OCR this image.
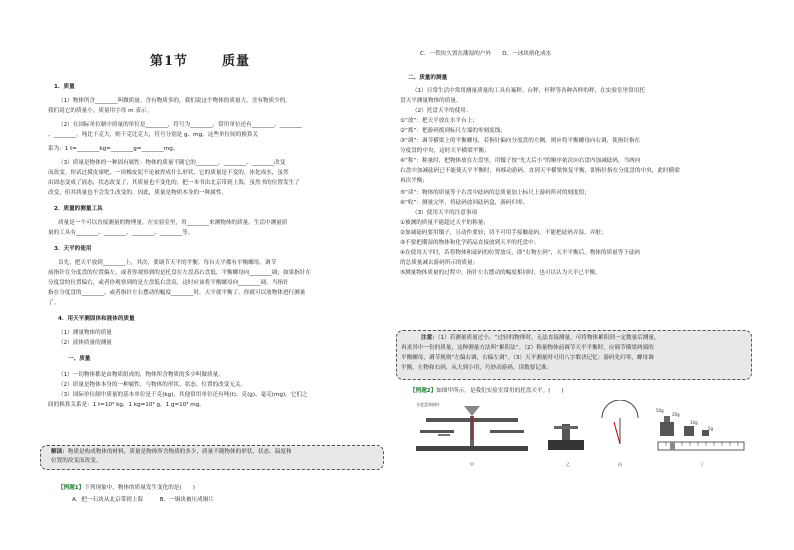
第1节	质量
1．质量
（1）物体所含________叫做质量。含有物质多的，我们说这个物体的质量大，含有物质少的，
我们说它的质量小。质量用字母 m 表示。
（2）在国际单位制中质量的单位是________，符号为________，常用单位还有________、________
、________。吨比千克大，则千克比克大，符号分别是 g、mg。这些单位间的换算关
系为：1 t=________kg=________g=________mg。
（3）质量是物体的一种固有属性：物体的质量不随它的________、________、________改变
而改变。你试过摸皮球吧，一块橡皮泥不论被捏成什么形状，它的质量是不变的。冰化成水，虽然
由固态变成了液态，状态改变了，其质量也不变化的。把一本书由北京带到上海，虽然书的位置发生了
改变，但其质量也不会发生改变的。因此，质量是物质本身的一种属性。
2．质量的测量工具
质量是一个可以直接测量的物理量。在实验室里，用________来测物体的质量。生活中测量质
量的工具有________、________、________、________等。
3．天平的使用
首先，把天平放到________上，其次，要调节天平的平衡。每台天平都有平衡螺母，调节
前指针在分度盘的位置偏左，或者你观察到的是托盘在左盘高右盘低，平衡螺母向________调；如果指针在
分度盘的位置偏右，或者你观察到的是左盘低右盘高，这时应该将平衡螺母向________调。当指针
指在分度盘的________，或者指针左右摆动的幅度________时，天平就平衡了。你就可以放物体进行测量
了。
4．用天平测固体和液体的质量
（1）测量物体的质量
（2）液体质量的测量
一、质量
（1）一切物体都是由物质组成的，物体所含物质的多少叫做质量。
（2）质量是物体本身的一种属性，与物体的形状、状态、位置的改变无关。
（3）国际单位制中质量的基本单位是千克(kg)，其他常用单位还有吨(t)、克(g)、毫克(mg)。它们之
间的换算关系是：1 t=10³ kg，1 kg=10³ g，1 g=10³ mg。
解读：物质是构成物体的材料，质量是物体所含物质的多少，质量不随物体的形状、状态、温度和
位置的改变而改变。
【例题1】下列现象中，物体的质量发生变化的是(　　)
A．把一石块从北京带到上海　　　B．一铜块被压成铜片
C．一铁块久置在潮湿的户外　　D．一冰块熔化成水
二、质量的测量
（1）日常生活中常用测量质量的工具有案秤、台秤、杆秤等各种各样的秤，在实验室里常用托
盘天平测量物体的质量。
（2）托盘天平的使用：
①“放”：把天平放在水平台上；
②“拨”：把游码拨到标尺左端的零刻度线；
③“调”：调节横梁上的平衡螺母，若指针偏向分度盘的左侧，则应将平衡螺母向右调，使指针指在
分度盘的中央，这时天平横梁平衡；
④“称”：称量时，把物体放在左盘里，用镊子按“先大后小”的顺序依次向右盘内加减砝码，当两向
右盘中加减砝码已不能使天平平衡时，再移动游码，直到天平横梁恢复平衡，即指针指在分度盘的中央，此时横梁
再次平衡；
⑤“读”：物体的质量等于右盘中砝码的总质量加上标尺上游码所对的刻度值；
⑥“收”：测量完毕，将砝码放回砝码盒，游码归零。
（3）使用天平的注意事项
①被测的质量不能超过天平的称量；
②加减砝码要用镊子，且动作要轻；切不可用手接触砝码，不能把砝码弄湿、弄脏；
③不要把潮湿的物体和化学药品直接放到天平的托盘中；
④在使用天平时，若将物体和砝码的位置放反，即“右物左码”，天平平衡后，物体的质量等于砝码
的总质量减去游码所示的质量；
⑤测量物体质量的过程中，指针左右摆动的幅度相同时，也可以认为天平已平衡。
注意：（1）若测量质量过小，“过轻的物体时，无法直接测量，可将物体累积到一定数量后测量，
再求其中一份的质量，这种测量方法叫“累积法”。（2）称量物体前调节天平平衡时，应调节横梁两端的
平衡螺母，调节规则“左偏右调，右偏左调”。（3）天平测量时可用八字歌诀记忆：游码先归零，螺母调
平衡，左物和右码，从大到小用，巧妙动游码，读数要记准。
【例题2】如图甲所示，是我们实验室常用的托盘天平。(　　)
分度盘和指针
甲	乙	丙	丁
5g
10g
20g
50g
